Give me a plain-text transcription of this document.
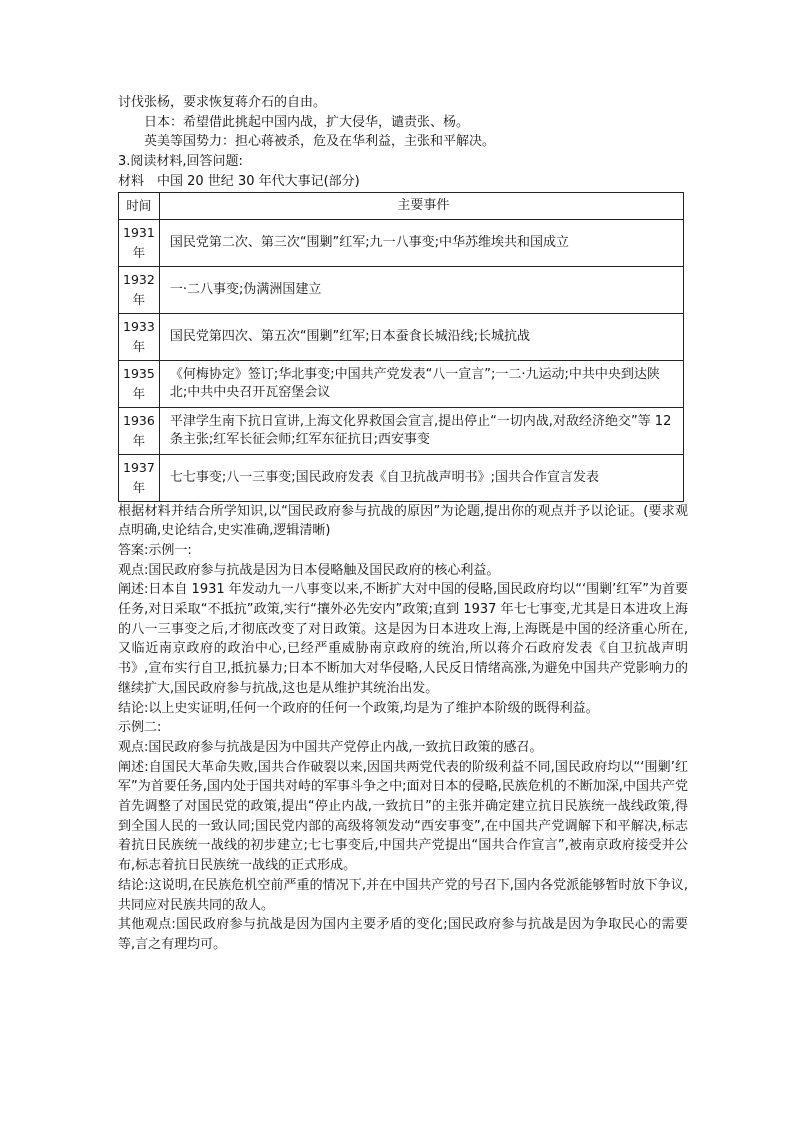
讨伐张杨，要求恢复蒋介石的自由。

日本：希望借此挑起中国内战，扩大侵华，谴责张、杨。

英美等国势力：担心蒋被杀，危及在华利益，主张和平解决。

3.阅读材料,回答问题:

材料　中国 20 世纪 30 年代大事记(部分)

时间	主要事件
1931年	国民党第二次、第三次“围剿”红军;九一八事变;中华苏维埃共和国成立
1932年	一·二八事变;伪满洲国建立
1933年	国民党第四次、第五次“围剿”红军;日本蚕食长城沿线;长城抗战
1935年	《何梅协定》签订;华北事变;中国共产党发表“八一宣言”;一二·九运动;中共中央到达陕北;中共中央召开瓦窑堡会议
1936年	平津学生南下抗日宣讲,上海文化界救国会宣言,提出停止“一切内战,对敌经济绝交”等 12 条主张;红军长征会师;红军东征抗日;西安事变
1937年	七七事变;八一三事变;国民政府发表《自卫抗战声明书》;国共合作宣言发表

根据材料并结合所学知识,以“国民政府参与抗战的原因”为论题,提出你的观点并予以论证。(要求观点明确,史论结合,史实准确,逻辑清晰)

答案:示例一:

观点:国民政府参与抗战是因为日本侵略触及国民政府的核心利益。

阐述:日本自 1931 年发动九一八事变以来,不断扩大对中国的侵略,国民政府均以“‘围剿’红军”为首要任务,对日采取“不抵抗”政策,实行“攘外必先安内”政策;直到 1937 年七七事变,尤其是日本进攻上海的八一三事变之后,才彻底改变了对日政策。这是因为日本进攻上海,上海既是中国的经济重心所在,又临近南京政府的政治中心,已经严重威胁南京政府的统治,所以蒋介石政府发表《自卫抗战声明书》,宣布实行自卫,抵抗暴力;日本不断加大对华侵略,人民反日情绪高涨,为避免中国共产党影响力的继续扩大,国民政府参与抗战,这也是从维护其统治出发。

结论:以上史实证明,任何一个政府的任何一个政策,均是为了维护本阶级的既得利益。

示例二:

观点:国民政府参与抗战是因为中国共产党停止内战,一致抗日政策的感召。

阐述:自国民大革命失败,国共合作破裂以来,因国共两党代表的阶级利益不同,国民政府均以“‘围剿’红军”为首要任务,国内处于国共对峙的军事斗争之中;面对日本的侵略,民族危机的不断加深,中国共产党首先调整了对国民党的政策,提出“停止内战,一致抗日”的主张并确定建立抗日民族统一战线政策,得到全国人民的一致认同;国民党内部的高级将领发动“西安事变”,在中国共产党调解下和平解决,标志着抗日民族统一战线的初步建立;七七事变后,中国共产党提出“国共合作宣言”,被南京政府接受并公布,标志着抗日民族统一战线的正式形成。

结论:这说明,在民族危机空前严重的情况下,并在中国共产党的号召下,国内各党派能够暂时放下争议,共同应对民族共同的敌人。

其他观点:国民政府参与抗战是因为国内主要矛盾的变化;国民政府参与抗战是因为争取民心的需要等,言之有理均可。
